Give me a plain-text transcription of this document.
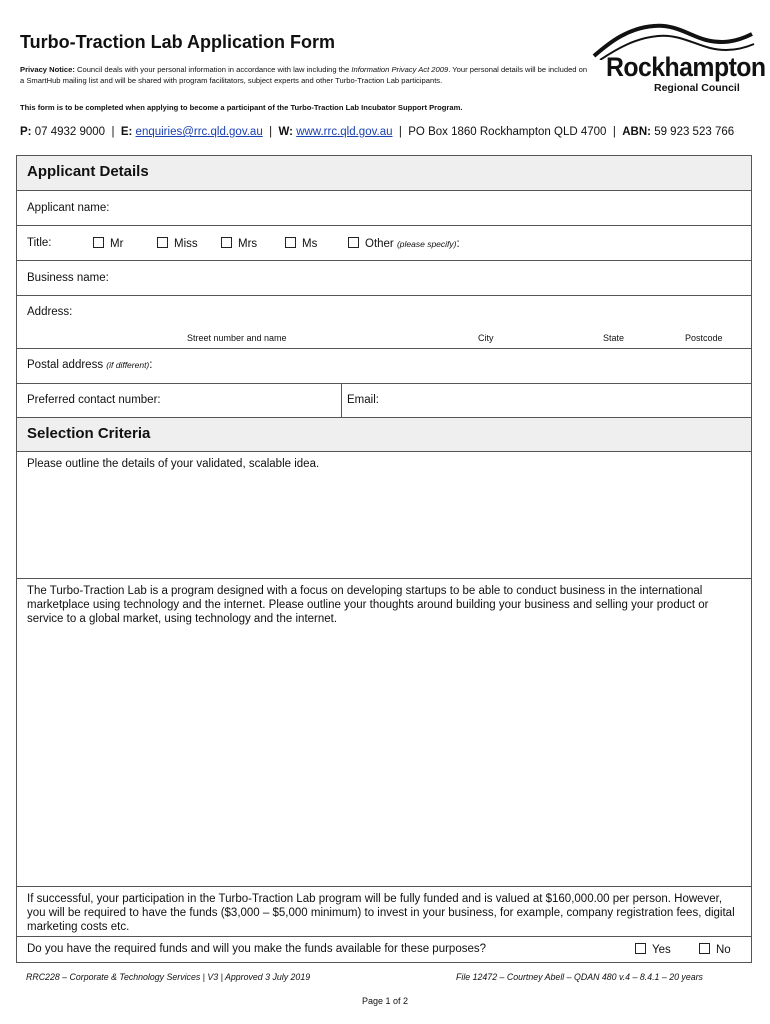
Turbo-Traction Lab Application Form
Privacy Notice: Council deals with your personal information in accordance with law including the Information Privacy Act 2009. Your personal details will be included on a SmartHub mailing list and will be shared with program facilitators, subject experts and other Turbo-Traction Lab participants.
This form is to be completed when applying to become a participant of the Turbo-Traction Lab Incubator Support Program.
Rockhampton
Regional Council
P: 07 4932 9000 | E: enquiries@rrc.qld.gov.au | W: www.rrc.qld.gov.au | PO Box 1860 Rockhampton QLD 4700 | ABN: 59 923 523 766
Applicant Details
Applicant name:
Title:	Mr	Miss	Mrs	Ms	Other (please specify):
Business name:
Address:
Street number and name	City	State	Postcode
Postal address (if different):
Preferred contact number:	Email:
Selection Criteria
Please outline the details of your validated, scalable idea.
The Turbo-Traction Lab is a program designed with a focus on developing startups to be able to conduct business in the international marketplace using technology and the internet. Please outline your thoughts around building your business and selling your product or service to a global market, using technology and the internet.
If successful, your participation in the Turbo-Traction Lab program will be fully funded and is valued at $160,000.00 per person. However, you will be required to have the funds ($3,000 – $5,000 minimum) to invest in your business, for example, company registration fees, digital marketing costs etc.
Do you have the required funds and will you make the funds available for these purposes?	Yes	No
RRC228 – Corporate & Technology Services | V3 | Approved 3 July 2019	File 12472 – Courtney Abell – QDAN 480 v.4 – 8.4.1 – 20 years
Page 1 of 2
